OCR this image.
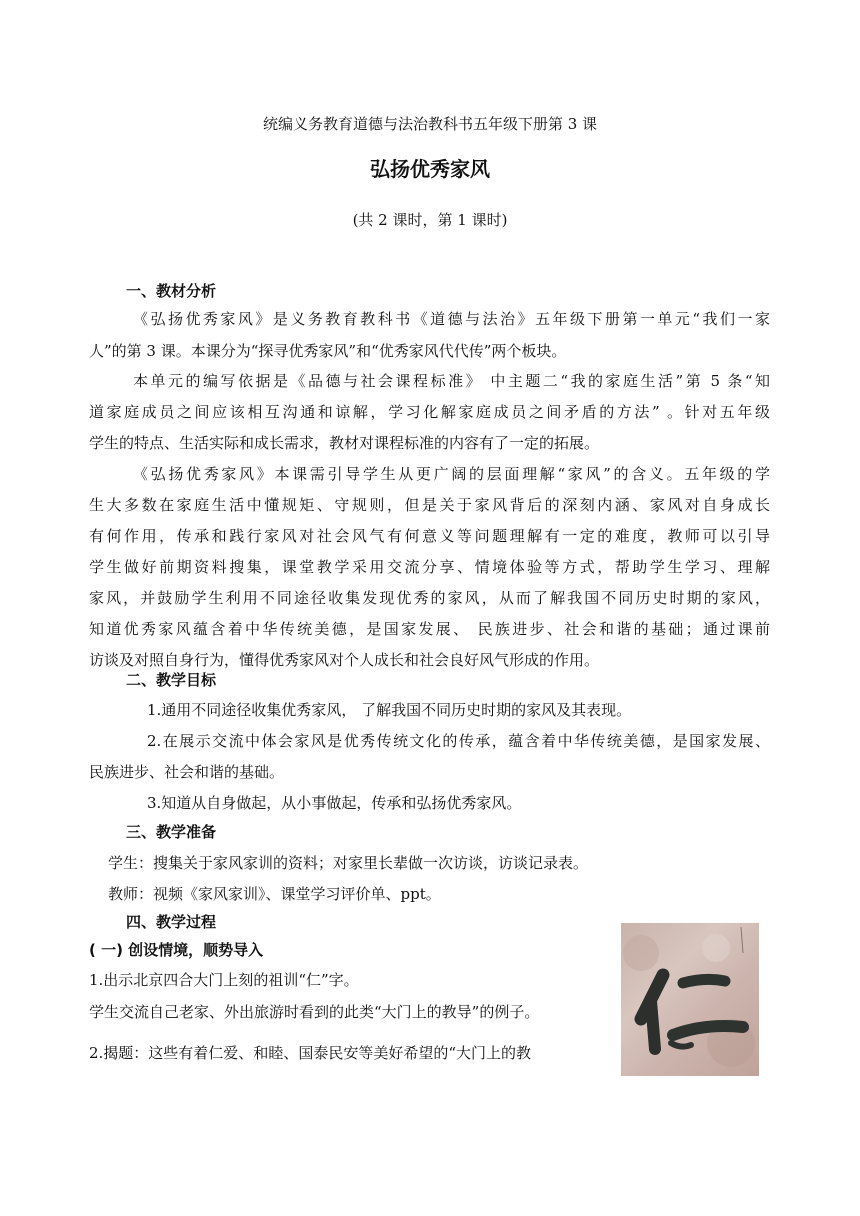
统编义务教育道德与法治教科书五年级下册第 3 课
弘扬优秀家风
(共 2 课时，第 1 课时)
一、教材分析
《弘扬优秀家风》是义务教育教科书《道德与法治》五年级下册第一单元“我们一家
人”的第 3 课。本课分为“探寻优秀家风”和“优秀家风代代传”两个板块。
本单元的编写依据是《品德与社会课程标准》 中主题二“我的家庭生活”第 5 条“知
道家庭成员之间应该相互沟通和谅解，学习化解家庭成员之间矛盾的方法” 。针对五年级
学生的特点、生活实际和成长需求，教材对课程标准的内容有了一定的拓展。
《弘扬优秀家风》本课需引导学生从更广阔的层面理解“家风”的含义。五年级的学
生大多数在家庭生活中懂规矩、守规则，但是关于家风背后的深刻内涵、家风对自身成长
有何作用，传承和践行家风对社会风气有何意义等问题理解有一定的难度，教师可以引导
学生做好前期资料搜集，课堂教学采用交流分享、情境体验等方式，帮助学生学习、理解
家风，并鼓励学生利用不同途径收集发现优秀的家风，从而了解我国不同历史时期的家风，
知道优秀家风蕴含着中华传统美德，是国家发展、 民族进步、社会和谐的基础；通过课前
访谈及对照自身行为，懂得优秀家风对个人成长和社会良好风气形成的作用。
二、教学目标
1.通用不同途径收集优秀家风， 了解我国不同历史时期的家风及其表现。
2.在展示交流中体会家风是优秀传统文化的传承，蕴含着中华传统美德，是国家发展、
民族进步、社会和谐的基础。
3.知道从自身做起，从小事做起，传承和弘扬优秀家风。
三、教学准备
学生：搜集关于家风家训的资料；对家里长辈做一次访谈，访谈记录表。
教师：视频《家风家训》、课堂学习评价单、ppt。
四、教学过程
( 一) 创设情境，顺势导入
1.出示北京四合大门上刻的祖训“仁”字。
学生交流自己老家、外出旅游时看到的此类“大门上的教导”的例子。
2.揭题：这些有着仁爱、和睦、国泰民安等美好希望的“大门上的教
